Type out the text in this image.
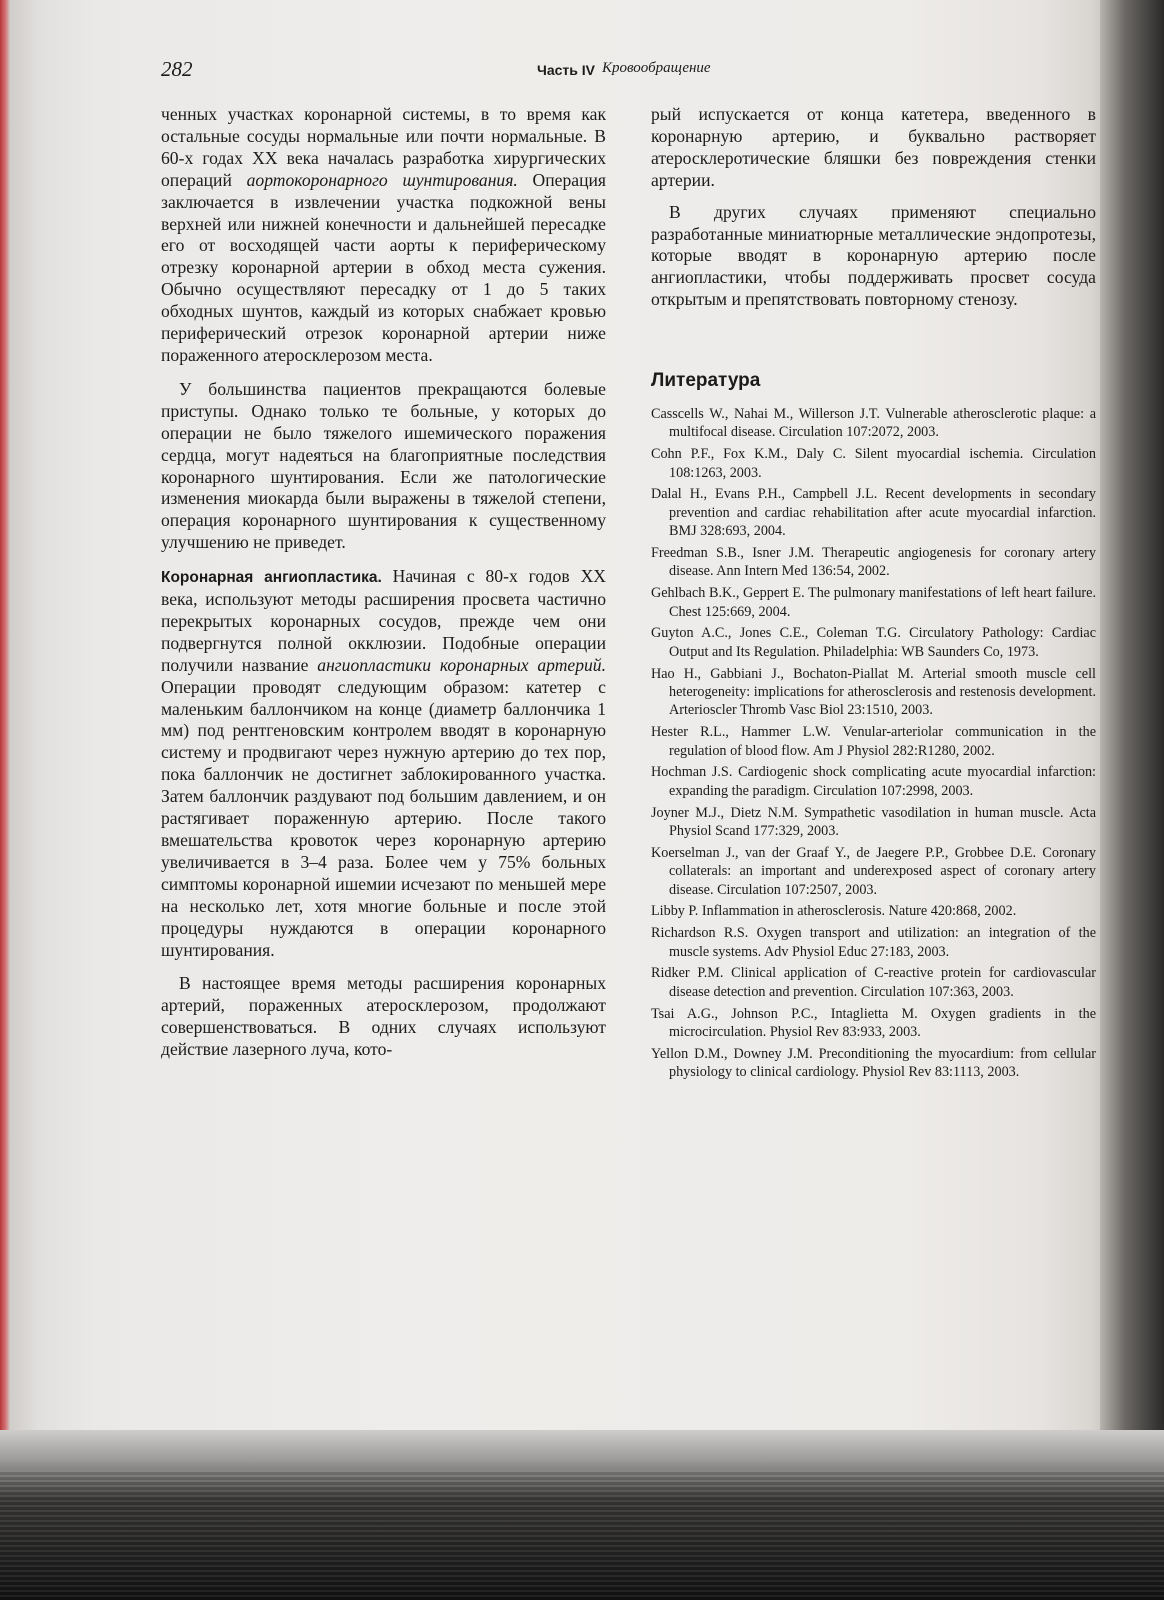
282	Часть IV Кровообращение

ченных участках коронарной системы, в то время как остальные сосуды нормальные или почти нормальные. В 60-х годах XX века началась разработка хирургических операций аортокоронарного шунтирования. Операция заключается в извлечении участка подкожной вены верхней или нижней конечности и дальнейшей пересадке его от восходящей части аорты к периферическому отрезку коронарной артерии в обход места сужения. Обычно осуществляют пересадку от 1 до 5 таких обходных шунтов, каждый из которых снабжает кровью периферический отрезок коронарной артерии ниже пораженного атеросклерозом места.

У большинства пациентов прекращаются болевые приступы. Однако только те больные, у которых до операции не было тяжелого ишемического поражения сердца, могут надеяться на благоприятные последствия коронарного шунтирования. Если же патологические изменения миокарда были выражены в тяжелой степени, операция коронарного шунтирования к существенному улучшению не приведет.

Коронарная ангиопластика. Начиная с 80-х годов XX века, используют методы расширения просвета частично перекрытых коронарных сосудов, прежде чем они подвергнутся полной окклюзии. Подобные операции получили название ангиопластики коронарных артерий. Операции проводят следующим образом: катетер с маленьким баллончиком на конце (диаметр баллончика 1 мм) под рентгеновским контролем вводят в коронарную систему и продвигают через нужную артерию до тех пор, пока баллончик не достигнет заблокированного участка. Затем баллончик раздувают под большим давлением, и он растягивает пораженную артерию. После такого вмешательства кровоток через коронарную артерию увеличивается в 3–4 раза. Более чем у 75% больных симптомы коронарной ишемии исчезают по меньшей мере на несколько лет, хотя многие больные и после этой процедуры нуждаются в операции коронарного шунтирования.

В настоящее время методы расширения коронарных артерий, пораженных атеросклерозом, продолжают совершенствоваться. В одних случаях используют действие лазерного луча, кото-

рый испускается от конца катетера, введенного в коронарную артерию, и буквально растворяет атеросклеротические бляшки без повреждения стенки артерии.

В других случаях применяют специально разработанные миниатюрные металлические эндопротезы, которые вводят в коронарную артерию после ангиопластики, чтобы поддерживать просвет сосуда открытым и препятствовать повторному стенозу.

Литература
Casscells W., Nahai M., Willerson J.T. Vulnerable atherosclerotic plaque: a multifocal disease. Circulation 107:2072, 2003.
Cohn P.F., Fox K.M., Daly C. Silent myocardial ischemia. Circulation 108:1263, 2003.
Dalal H., Evans P.H., Campbell J.L. Recent developments in secondary prevention and cardiac rehabilitation after acute myocardial infarction. BMJ 328:693, 2004.
Freedman S.B., Isner J.M. Therapeutic angiogenesis for coronary artery disease. Ann Intern Med 136:54, 2002.
Gehlbach B.K., Geppert E. The pulmonary manifestations of left heart failure. Chest 125:669, 2004.
Guyton A.C., Jones C.E., Coleman T.G. Circulatory Pathology: Cardiac Output and Its Regulation. Philadelphia: WB Saunders Co, 1973.
Hao H., Gabbiani J., Bochaton-Piallat M. Arterial smooth muscle cell heterogeneity: implications for atherosclerosis and restenosis development. Arterioscler Thromb Vasc Biol 23:1510, 2003.
Hester R.L., Hammer L.W. Venular-arteriolar communication in the regulation of blood flow. Am J Physiol 282:R1280, 2002.
Hochman J.S. Cardiogenic shock complicating acute myocardial infarction: expanding the paradigm. Circulation 107:2998, 2003.
Joyner M.J., Dietz N.M. Sympathetic vasodilation in human muscle. Acta Physiol Scand 177:329, 2003.
Koerselman J., van der Graaf Y., de Jaegere P.P., Grobbee D.E. Coronary collaterals: an important and underexposed aspect of coronary artery disease. Circulation 107:2507, 2003.
Libby P. Inflammation in atherosclerosis. Nature 420:868, 2002.
Richardson R.S. Oxygen transport and utilization: an integration of the muscle systems. Adv Physiol Educ 27:183, 2003.
Ridker P.M. Clinical application of C-reactive protein for cardiovascular disease detection and prevention. Circulation 107:363, 2003.
Tsai A.G., Johnson P.C., Intaglietta M. Oxygen gradients in the microcirculation. Physiol Rev 83:933, 2003.
Yellon D.M., Downey J.M. Preconditioning the myocardium: from cellular physiology to clinical cardiology. Physiol Rev 83:1113, 2003.
